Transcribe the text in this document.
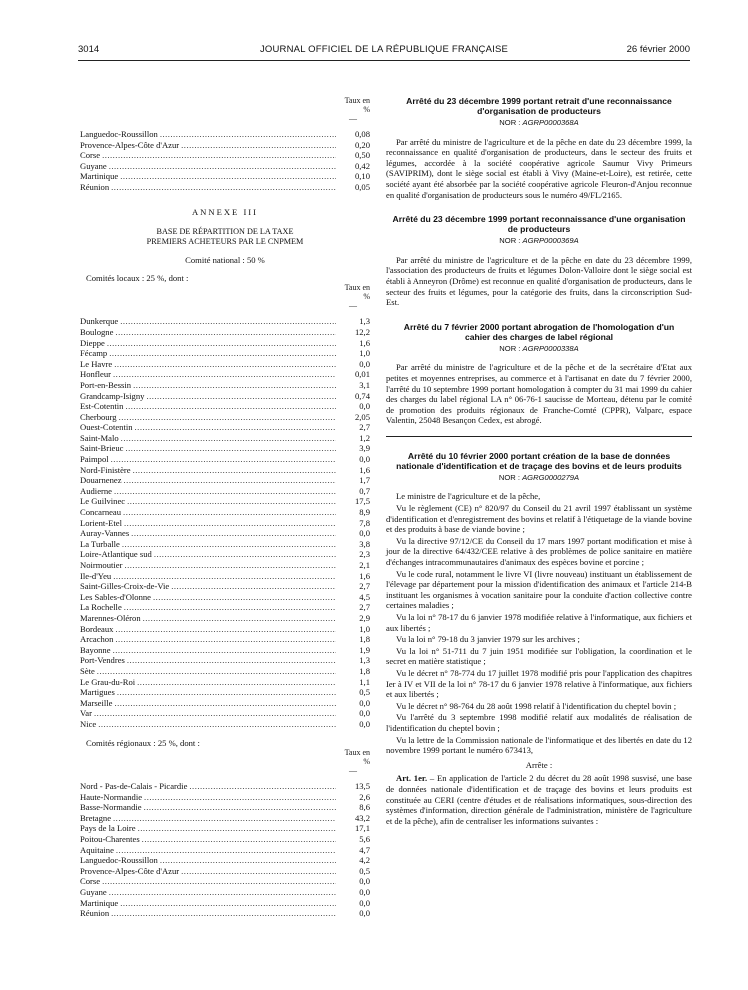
3014	JOURNAL OFFICIEL DE LA RÉPUBLIQUE FRANÇAISE	26 février 2000
Taux en %
—
Languedoc-Roussillon .....	0,08
Provence-Alpes-Côte d'Azur .....	0,20
Corse .....	0,50
Guyane .....	0,42
Martinique .....	0,10
Réunion .....	0,05
ANNEXE III
BASE DE RÉPARTITION DE LA TAXE
PREMIERS ACHETEURS PAR LE CNPMEM
Comité national : 50 %
Comités locaux : 25 %, dont :
Taux en %
—
Dunkerque .....	1,3
Boulogne .....	12,2
Dieppe .....	1,6
Fécamp .....	1,0
Le Havre .....	0,0
Honfleur .....	0,01
Port-en-Bessin .....	3,1
Grandcamp-Isigny .....	0,74
Est-Cotentin .....	0,0
Cherbourg .....	2,05
Ouest-Cotentin .....	2,7
Saint-Malo .....	1,2
Saint-Brieuc .....	3,9
Paimpol .....	0,0
Nord-Finistère .....	1,6
Douarnenez .....	1,7
Audierne .....	0,7
Le Guilvinec .....	17,5
Concarneau .....	8,9
Lorient-Etel .....	7,8
Auray-Vannes .....	0,0
La Turballe .....	3,8
Loire-Atlantique sud .....	2,3
Noirmoutier .....	2,1
Ile-d'Yeu .....	1,6
Saint-Gilles-Croix-de-Vie .....	2,7
Les Sables-d'Olonne .....	4,5
La Rochelle .....	2,7
Marennes-Oléron .....	2,9
Bordeaux .....	1,0
Arcachon .....	1,8
Bayonne .....	1,9
Port-Vendres .....	1,3
Sète .....	1,8
Le Grau-du-Roi .....	1,1
Martigues .....	0,5
Marseille .....	0,0
Var .....	0,0
Nice .....	0,0
Comités régionaux : 25 %, dont :
Taux en %
—
Nord - Pas-de-Calais - Picardie .....	13,5
Haute-Normandie .....	2,6
Basse-Normandie .....	8,6
Bretagne .....	43,2
Pays de la Loire .....	17,1
Poitou-Charentes .....	5,6
Aquitaine .....	4,7
Languedoc-Roussillon .....	4,2
Provence-Alpes-Côte d'Azur .....	0,5
Corse .....	0,0
Guyane .....	0,0
Martinique .....	0,0
Réunion .....	0,0
Arrêté du 23 décembre 1999 portant retrait d'une reconnaissance d'organisation de producteurs
NOR : AGRP0000368A
Par arrêté du ministre de l'agriculture et de la pêche en date du 23 décembre 1999, la reconnaissance en qualité d'organisation de producteurs, dans le secteur des fruits et légumes, accordée à la société coopérative agricole Saumur Vivy Primeurs (SAVIPRIM), dont le siège social est établi à Vivy (Maine-et-Loire), est retirée, cette société ayant été absorbée par la société coopérative agricole Fleuron-d'Anjou reconnue en qualité d'organisation de producteurs sous le numéro 49/FL/2165.
Arrêté du 23 décembre 1999 portant reconnaissance d'une organisation de producteurs
NOR : AGRP0000369A
Par arrêté du ministre de l'agriculture et de la pêche en date du 23 décembre 1999, l'association des producteurs de fruits et légumes Dolon-Valloire dont le siège social est établi à Anneyron (Drôme) est reconnue en qualité d'organisation de producteurs, dans le secteur des fruits et légumes, pour la catégorie des fruits, dans la circonscription Sud-Est.
Arrêté du 7 février 2000 portant abrogation de l'homologation d'un cahier des charges de label régional
NOR : AGRP0000338A
Par arrêté du ministre de l'agriculture et de la pêche et de la secrétaire d'Etat aux petites et moyennes entreprises, au commerce et à l'artisanat en date du 7 février 2000, l'arrêté du 10 septembre 1999 portant homologation à compter du 31 mai 1999 du cahier des charges du label régional LA n° 06-76-1 saucisse de Morteau, détenu par le comité de promotion des produits régionaux de Franche-Comté (CPPR), Valparc, espace Valentin, 25048 Besançon Cedex, est abrogé.
Arrêté du 10 février 2000 portant création de la base de données nationale d'identification et de traçage des bovins et de leurs produits
NOR : AGRG0000279A
Le ministre de l'agriculture et de la pêche,
Vu le règlement (CE) n° 820/97 du Conseil du 21 avril 1997 établissant un système d'identification et d'enregistrement des bovins et relatif à l'étiquetage de la viande bovine et des produits à base de viande bovine ;
Vu la directive 97/12/CE du Conseil du 17 mars 1997 portant modification et mise à jour de la directive 64/432/CEE relative à des problèmes de police sanitaire en matière d'échanges intracommunautaires d'animaux des espèces bovine et porcine ;
Vu le code rural, notamment le livre VI (livre nouveau) instituant un établissement de l'élevage par département pour la mission d'identification des animaux et l'article 214-B instituant les organismes à vocation sanitaire pour la conduite d'action collective contre certaines maladies ;
Vu la loi n° 78-17 du 6 janvier 1978 modifiée relative à l'informatique, aux fichiers et aux libertés ;
Vu la loi n° 79-18 du 3 janvier 1979 sur les archives ;
Vu la loi n° 51-711 du 7 juin 1951 modifiée sur l'obligation, la coordination et le secret en matière statistique ;
Vu le décret n° 78-774 du 17 juillet 1978 modifié pris pour l'application des chapitres Ier à IV et VII de la loi n° 78-17 du 6 janvier 1978 relative à l'informatique, aux fichiers et aux libertés ;
Vu le décret n° 98-764 du 28 août 1998 relatif à l'identification du cheptel bovin ;
Vu l'arrêté du 3 septembre 1998 modifié relatif aux modalités de réalisation de l'identification du cheptel bovin ;
Vu la lettre de la Commission nationale de l'informatique et des libertés en date du 12 novembre 1999 portant le numéro 673413,
Arrête :
Art. 1er. – En application de l'article 2 du décret du 28 août 1998 susvisé, une base de données nationale d'identification et de traçage des bovins et leurs produits est constituée au CERI (centre d'études et de réalisations informatiques, sous-direction des systèmes d'information, direction générale de l'administration, ministère de l'agriculture et de la pêche), afin de centraliser les informations suivantes :
